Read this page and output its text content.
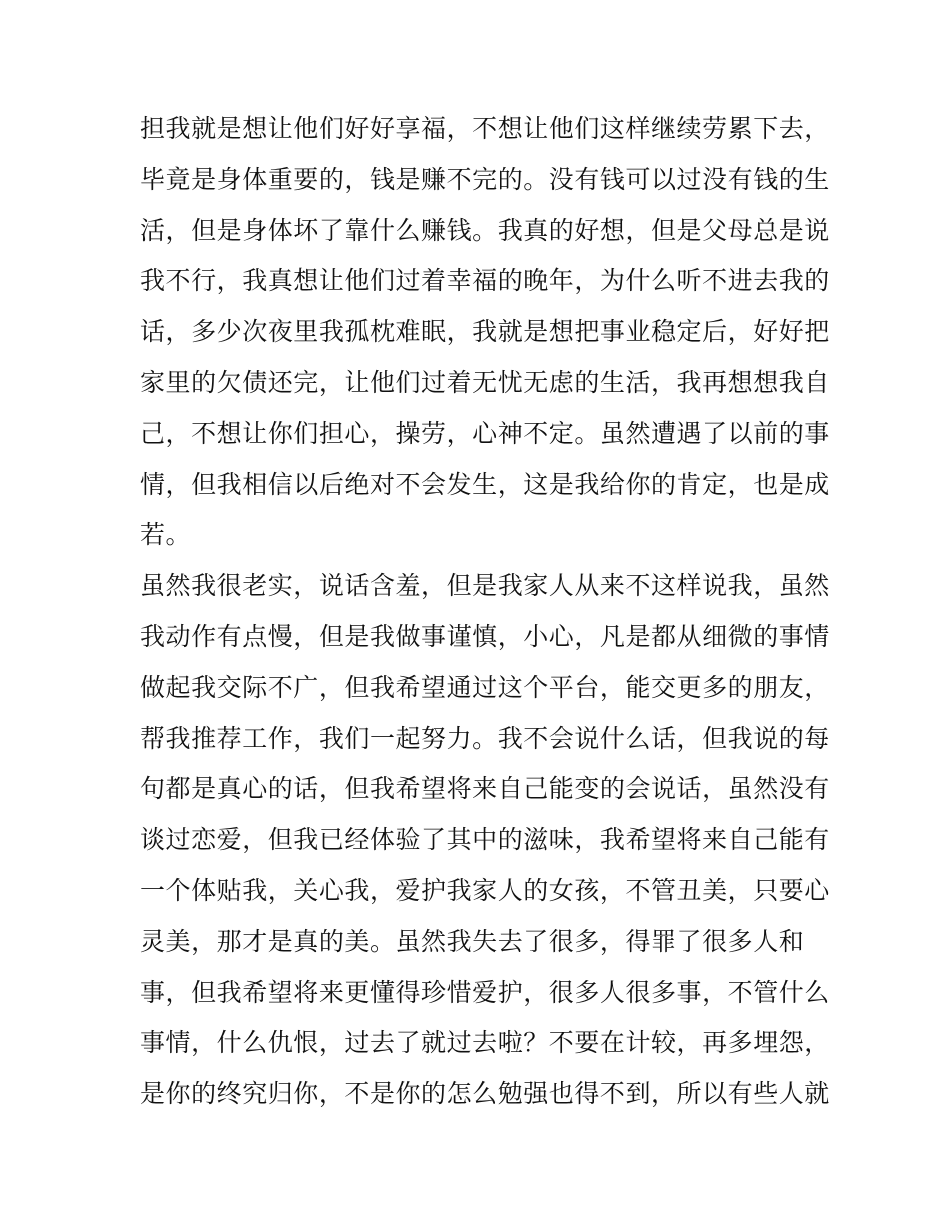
担我就是想让他们好好享福，不想让他们这样继续劳累下去，
毕竟是身体重要的，钱是赚不完的。没有钱可以过没有钱的生
活，但是身体坏了靠什么赚钱。我真的好想，但是父母总是说
我不行，我真想让他们过着幸福的晚年，为什么听不进去我的
话，多少次夜里我孤枕难眠，我就是想把事业稳定后，好好把
家里的欠债还完，让他们过着无忧无虑的生活，我再想想我自
己，不想让你们担心，操劳，心神不定。虽然遭遇了以前的事
情，但我相信以后绝对不会发生，这是我给你的肯定，也是成
若。
虽然我很老实，说话含羞，但是我家人从来不这样说我，虽然
我动作有点慢，但是我做事谨慎，小心，凡是都从细微的事情
做起我交际不广，但我希望通过这个平台，能交更多的朋友，
帮我推荐工作，我们一起努力。我不会说什么话，但我说的每
句都是真心的话，但我希望将来自己能变的会说话，虽然没有
谈过恋爱，但我已经体验了其中的滋味，我希望将来自己能有
一个体贴我，关心我，爱护我家人的女孩，不管丑美，只要心
灵美，那才是真的美。虽然我失去了很多，得罪了很多人和
事，但我希望将来更懂得珍惜爱护，很多人很多事，不管什么
事情，什么仇恨，过去了就过去啦？不要在计较，再多埋怨，
是你的终究归你，不是你的怎么勉强也得不到，所以有些人就
